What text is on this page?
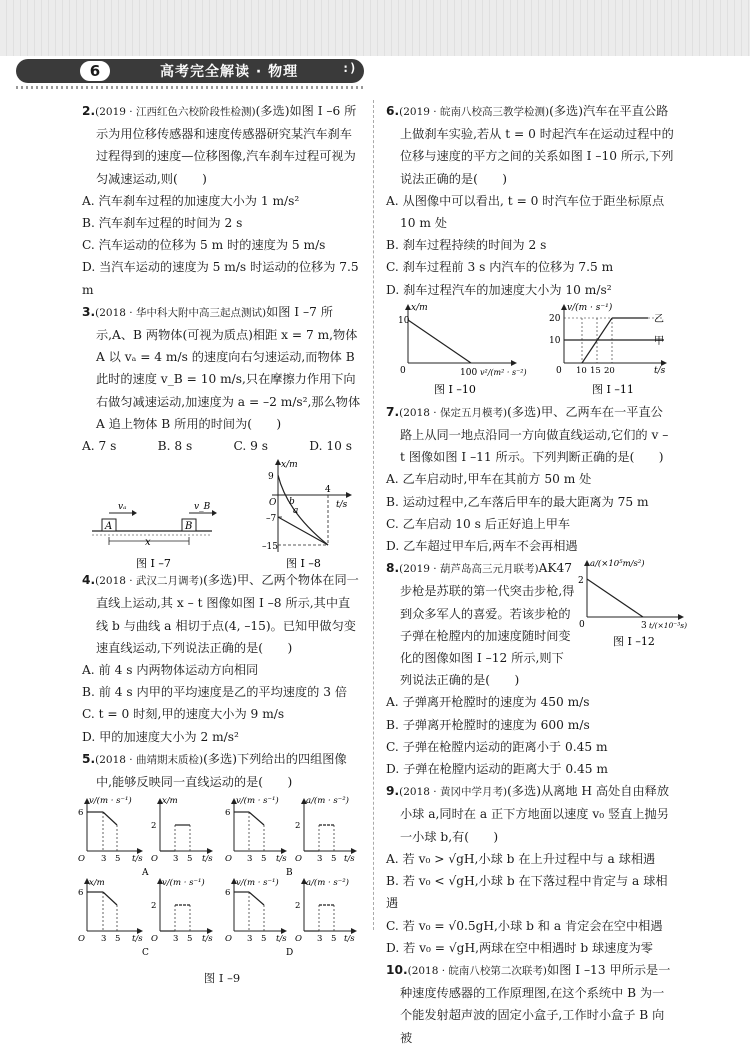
6	高考完全解读 · 物理	:)
2.(2019 · 江西红色六校阶段性检测)(多选)如图 Ⅰ –6 所示为用位移传感器和速度传感器研究某汽车刹车过程得到的速度—位移图像,汽车刹车过程可视为匀减速运动,则(　　)
A. 汽车刹车过程的加速度大小为 1 m/s²
B. 汽车刹车过程的时间为 2 s
C. 汽车运动的位移为 5 m 时的速度为 5 m/s
D. 当汽车运动的速度为 5 m/s 时运动的位移为 7.5 m
3.(2018 · 华中科大附中高三起点测试)如图 Ⅰ –7 所示,A、B 两物体(可视为质点)相距 x = 7 m,物体 A 以 vₐ = 4 m/s 的速度向右匀速运动,而物体 B 此时的速度 v_B = 10 m/s,只在摩擦力作用下向右做匀减速运动,加速度为 a = –2 m/s²,那么物体 A 追上物体 B 所用的时间为(　　)
A. 7 s	B. 8 s	C. 9 s	D. 10 s
A	B
vₐ	v_B
x
图 Ⅰ –7
x/m
t/s
9
–7
–15
O
4
a
b
图 Ⅰ –8
4.(2018 · 武汉二月调考)(多选)甲、乙两个物体在同一直线上运动,其 x – t 图像如图 Ⅰ –8 所示,其中直线 b 与曲线 a 相切于点(4, –15)。已知甲做匀变速直线运动,下列说法正确的是(　　)
A. 前 4 s 内两物体运动方向相同
B. 前 4 s 内甲的平均速度是乙的平均速度的 3 倍
C. t = 0 时刻,甲的速度大小为 9 m/s
D. 甲的加速度大小为 2 m/s²
5.(2018 · 曲靖期末质检)(多选)下列给出的四组图像中,能够反映同一直线运动的是(　　)
v/(m · s⁻¹)
t/s
6
O 3 5
x/m
t/s
2
O 3 5
A
v/(m · s⁻¹)
t/s
6
O 3 5
a/(m · s⁻²)
t/s
2
O 3 5
B
x/m
t/s
6
O 3 5
v/(m · s⁻¹)
t/s
2
O 3 5
C
v/(m · s⁻¹)
t/s
6
O 3 5
a/(m · s⁻²)
t/s
2
O 3 5
D
图 Ⅰ –9
6.(2019 · 皖南八校高三教学检测)(多选)汽车在平直公路上做刹车实验,若从 t = 0 时起汽车在运动过程中的位移与速度的平方之间的关系如图 Ⅰ –10 所示,下列说法正确的是(　　)
A. 从图像中可以看出, t = 0 时汽车位于距坐标原点 10 m 处
B. 刹车过程持续的时间为 2 s
C. 刹车过程前 3 s 内汽车的位移为 7.5 m
D. 刹车过程汽车的加速度大小为 10 m/s²
x/m
10
0	100 v²/(m² · s⁻²)
图 Ⅰ –10
v/(m · s⁻¹)
20
10
0 10 15 20	t/s
乙
甲
图 Ⅰ –11
7.(2018 · 保定五月模考)(多选)甲、乙两车在一平直公路上从同一地点沿同一方向做直线运动,它们的 v – t 图像如图 Ⅰ –11 所示。下列判断正确的是(　　)
A. 乙车启动时,甲车在其前方 50 m 处
B. 运动过程中,乙车落后甲车的最大距离为 75 m
C. 乙车启动 10 s 后正好追上甲车
D. 乙车超过甲车后,两车不会再相遇
8.(2019 · 葫芦岛高三元月联考)AK47 步枪是苏联的第一代突击步枪,得到众多军人的喜爱。若该步枪的子弹在枪膛内的加速度随时间变化的图像如图 Ⅰ –12 所示,则下列说法正确的是(　　)
a/(×10⁵m/s²)
2
0	3 t/(×10⁻³s)
图 Ⅰ –12
A. 子弹离开枪膛时的速度为 450 m/s
B. 子弹离开枪膛时的速度为 600 m/s
C. 子弹在枪膛内运动的距离小于 0.45 m
D. 子弹在枪膛内运动的距离大于 0.45 m
9.(2018 · 黄冈中学月考)(多选)从离地 H 高处自由释放小球 a,同时在 a 正下方地面以速度 v₀ 竖直上抛另一小球 b,有(　　)
A. 若 v₀ > √gH,小球 b 在上升过程中与 a 球相遇
B. 若 v₀ < √gH,小球 b 在下落过程中肯定与 a 球相遇
C. 若 v₀ = √0.5gH,小球 b 和 a 肯定会在空中相遇
D. 若 v₀ = √gH,两球在空中相遇时 b 球速度为零
10.(2018 · 皖南八校第二次联考)如图 Ⅰ –13 甲所示是一种速度传感器的工作原理图,在这个系统中 B 为一个能发射超声波的固定小盒子,工作时小盒子 B 向被
